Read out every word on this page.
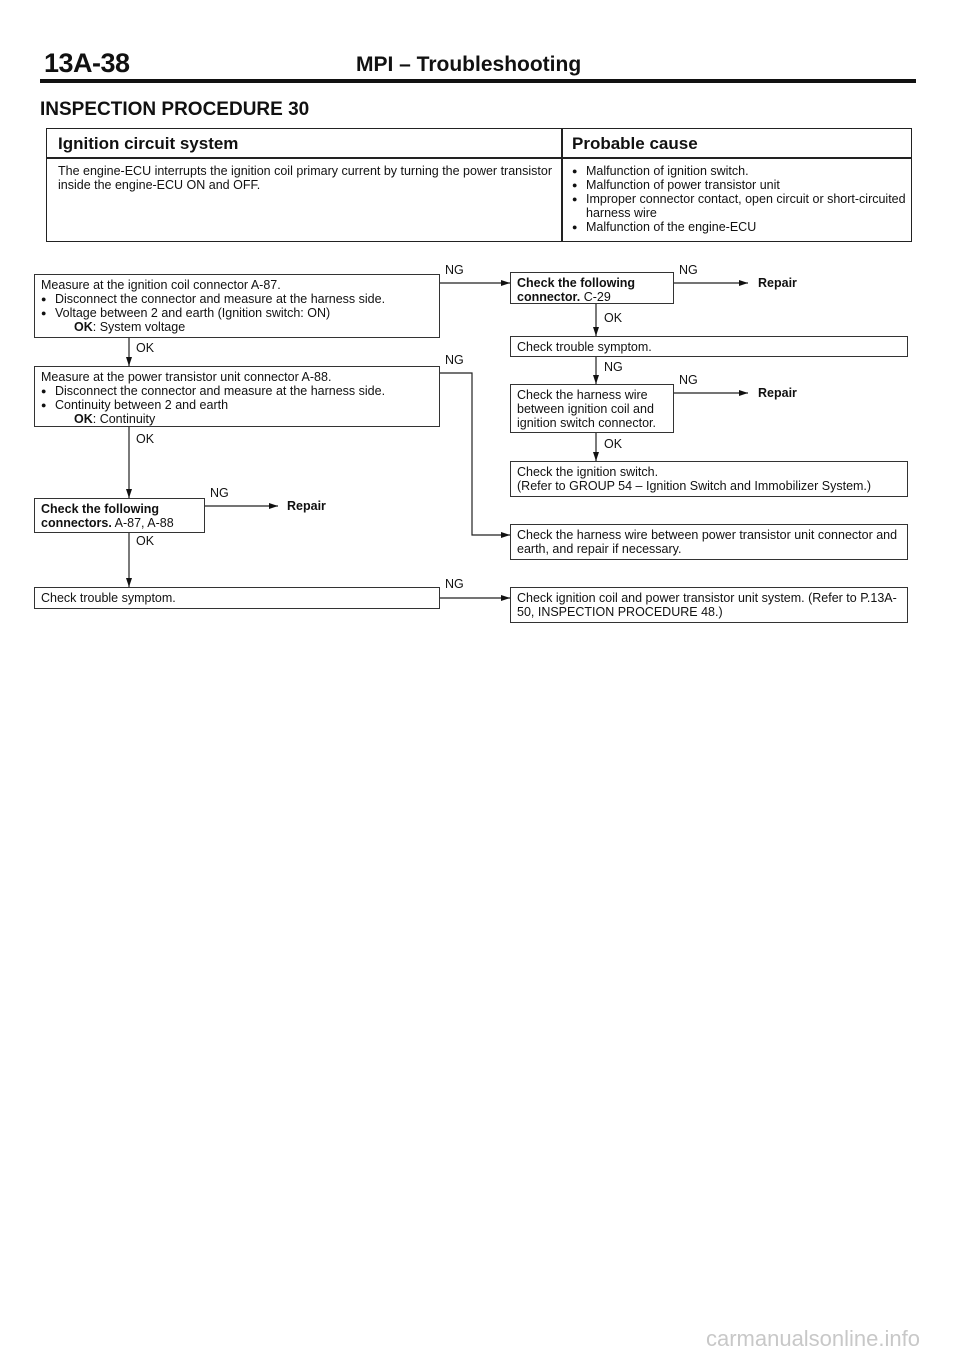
13A-38	MPI – Troubleshooting
INSPECTION PROCEDURE 30
Ignition circuit system	Probable cause
The engine-ECU interrupts the ignition coil primary current by turning the power transistor inside the engine-ECU ON and OFF.
● Malfunction of ignition switch.
● Malfunction of power transistor unit
● Improper connector contact, open circuit or short-circuited harness wire
● Malfunction of the engine-ECU
Measure at the ignition coil connector A-87.
● Disconnect the connector and measure at the harness side.
● Voltage between 2 and earth (Ignition switch: ON)
OK: System voltage
Measure at the power transistor unit connector A-88.
● Disconnect the connector and measure at the harness side.
● Continuity between 2 and earth
OK: Continuity
Check the following connectors. A-87, A-88
Check trouble symptom.
Check the following connector. C-29
Check trouble symptom.
Check the harness wire between ignition coil and ignition switch connector.
Check the ignition switch.
(Refer to GROUP 54 – Ignition Switch and Immobilizer System.)
Check the harness wire between power transistor unit connector and earth, and repair if necessary.
Check ignition coil and power transistor unit system. (Refer to P.13A-50, INSPECTION PROCEDURE 48.)
NG	NG
OK
NG
NG
OK
OK
NG
OK
NG
OK
NG
Repair
Repair
Repair
carmanualsonline.info
